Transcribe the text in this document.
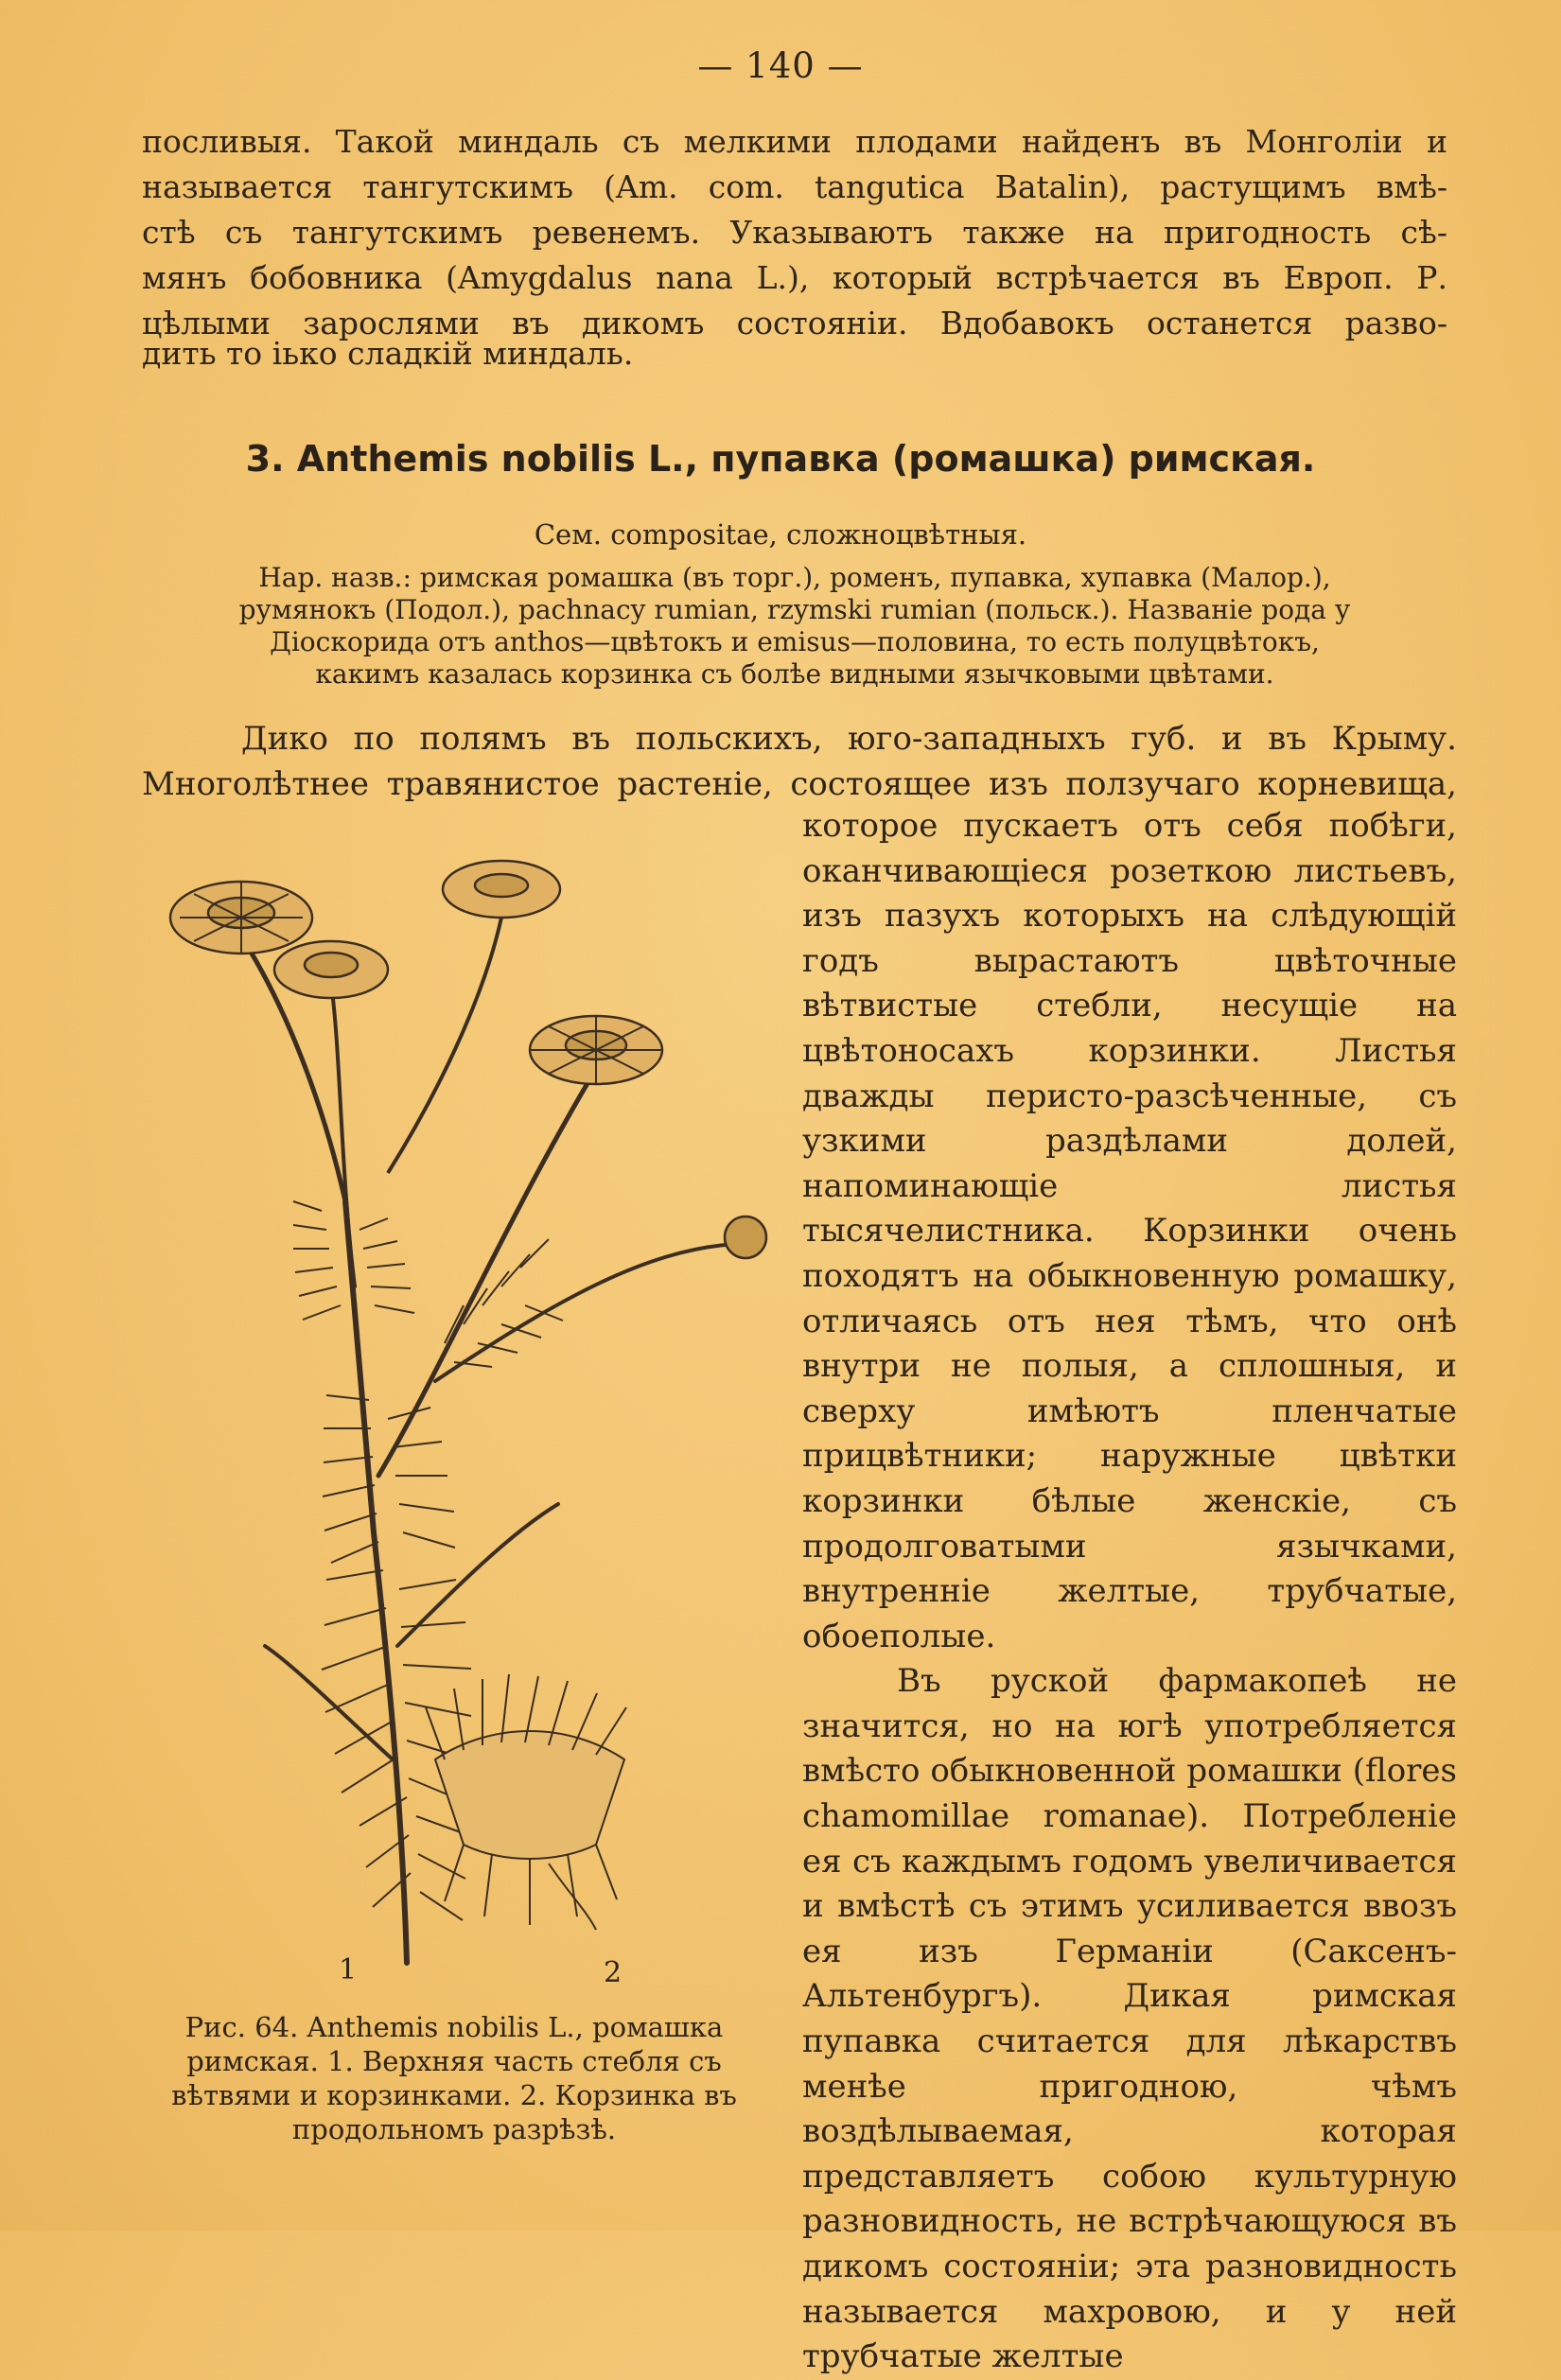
— 140 —

посливыя. Такой миндаль съ мелкими плодами найденъ въ Монголіи и

называется тангутскимъ (Am. com. tangutica Batalin), растущимъ вмѣ-

стѣ съ тангутскимъ ревенемъ. Указываютъ также на пригодность сѣ-

мянъ бобовника (Amygdalus nana L.), который встрѣчается въ Европ. Р.

цѣлыми зарослями въ дикомъ состояніи. Вдобавокъ останется разво-

дить то іько сладкій миндаль.

3. Anthemis nobilis L., пупавка (ромашка) римская.
Сем. compositae, сложноцвѣтныя.
Нар. назв.: римская ромашка (въ торг.), роменъ, пупавка, хупавка (Малор.),
румянокъ (Подол.), pachnacy rumian, rzymski rumian (польск.). Названіе рода у
Діоскорида отъ anthos—цвѣтокъ и emisus—половина, то есть полуцвѣтокъ,
какимъ казалась корзинка съ болѣе видными язычковыми цвѣтами.

Дико по полямъ въ польскихъ, юго-западныхъ губ. и въ Крыму.

Многолѣтнее травянистое растеніе, состоящее изъ ползучаго корневища,

1	2
Рис. 64. Anthemis nobilis L., ромашка римская. 1. Верхняя часть стебля съ вѣтвями и корзинками. 2. Корзинка въ продольномъ разрѣзѣ.

которое пускаетъ отъ себя побѣги, оканчивающіеся розеткою листьевъ, изъ пазухъ которыхъ на слѣдующій годъ вырастаютъ цвѣточные вѣтвистые стебли, несущіе на цвѣтоносахъ корзинки. Листья дважды перисто-разсѣченные, съ узкими раздѣлами долей, напоминающіе листья тысячелистника. Корзинки очень походятъ на обыкновенную ромашку, отличаясь отъ нея тѣмъ, что онѣ внутри не полыя, а сплошныя, и сверху имѣютъ пленчатые прицвѣтники; наружные цвѣтки корзинки бѣлые женскіе, съ продолговатыми язычками, внутренніе желтые, трубчатые, обоеполые.

Въ руской фармакопеѣ не значится, но на югѣ употребляется вмѣсто обыкновенной ромашки (flores chamomillae romanae). Потребленіе ея съ каждымъ годомъ увеличивается и вмѣстѣ съ этимъ усиливается ввозъ ея изъ Германіи (Саксенъ-Альтенбургъ). Дикая римская пупавка считается для лѣкарствъ менѣе пригодною, чѣмъ воздѣлываемая, которая представляетъ собою культурную разновидность, не встрѣчающуюся въ дикомъ состояніи; эта разновидность называется махровою, и у ней трубчатые желтые
